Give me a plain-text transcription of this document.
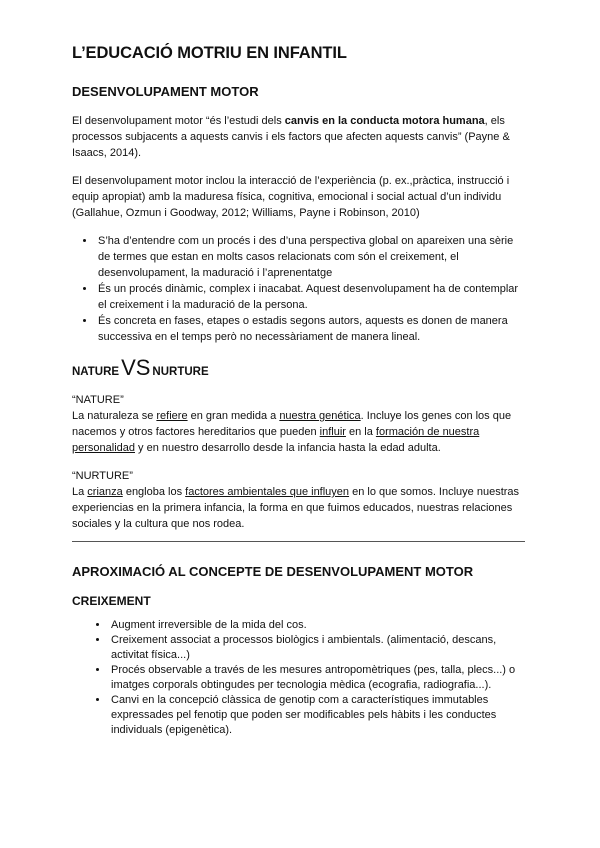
L’EDUCACIÓ MOTRIU EN INFANTIL
DESENVOLUPAMENT MOTOR

El desenvolupament motor “és l’estudi dels canvis en la conducta motora humana, els processos subjacents a aquests canvis i els factors que afecten aquests canvis” (Payne & Isaacs, 2014).

El desenvolupament motor inclou la interacció de l’experiència (p. ex.,pràctica, instrucció i equip apropiat) amb la maduresa física, cognitiva, emocional i social actual d’un individu (Gallahue, Ozmun i Goodway, 2012; Williams, Payne i Robinson, 2010)

• S’ha d’entendre com un procés i des d’una perspectiva global on apareixen una sèrie de termes que estan en molts casos relacionats com són el creixement, el desenvolupament, la maduració i l’aprenentatge
• És un procés dinàmic, complex i inacabat. Aquest desenvolupament ha de contemplar el creixement i la maduració de la persona.
• És concreta en fases, etapes o estadis segons autors, aquests es donen de manera successiva en el temps però no necessàriament de manera lineal.
NATURE VS NURTURE

“NATURE”

La naturaleza se refiere en gran medida a nuestra genética. Incluye los genes con los que nacemos y otros factores hereditarios que pueden influir en la formación de nuestra personalidad y en nuestro desarrollo desde la infancia hasta la edad adulta.

“NURTURE”

La crianza engloba los factores ambientales que influyen en lo que somos. Incluye nuestras experiencias en la primera infancia, la forma en que fuimos educados, nuestras relaciones sociales y la cultura que nos rodea.

APROXIMACIÓ AL CONCEPTE DE DESENVOLUPAMENT MOTOR
CREIXEMENT
• Augment irreversible de la mida del cos.
• Creixement associat a processos biològics i ambientals. (alimentació, descans, activitat física...)
• Procés observable a través de les mesures antropomètriques (pes, talla, plecs...) o imatges corporals obtingudes per tecnologia mèdica (ecografia, radiografia...).
• Canvi en la concepció clàssica de genotip com a característiques immutables expressades pel fenotip que poden ser modificables pels hàbits i les conductes individuals (epigenètica).
